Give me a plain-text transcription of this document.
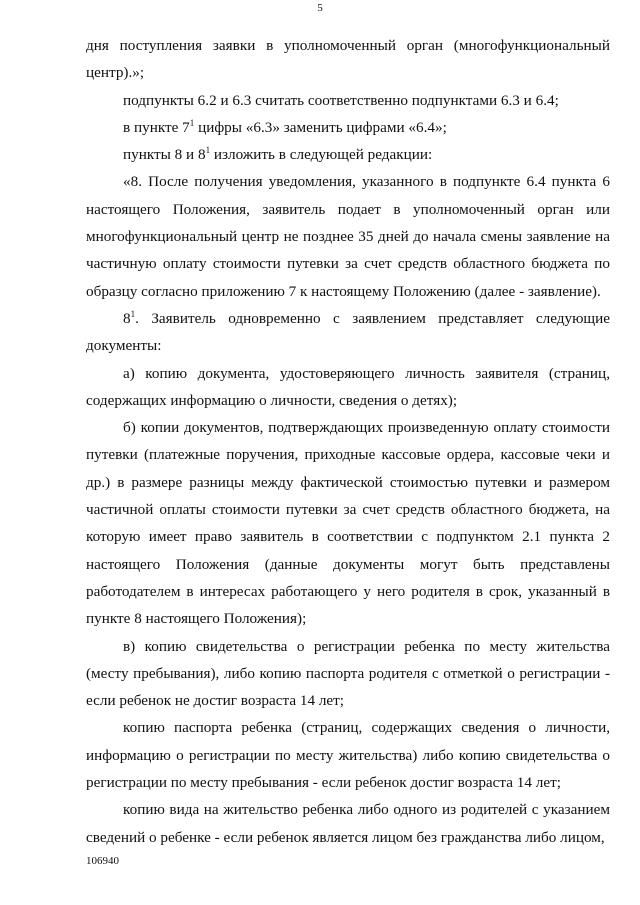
5

дня поступления заявки в уполномоченный орган (многофункциональный центр).»;

подпункты 6.2 и 6.3 считать соответственно подпунктами 6.3 и 6.4;

в пункте $7^1$ цифры «6.3» заменить цифрами «6.4»;

пункты 8 и $8^1$ изложить в следующей редакции:

«8. После получения уведомления, указанного в подпункте 6.4 пункта 6 настоящего Положения, заявитель подает в уполномоченный орган или многофункциональный центр не позднее 35 дней до начала смены заявление на частичную оплату стоимости путевки за счет средств областного бюджета по образцу согласно приложению 7 к настоящему Положению (далее - заявление).

$8^1$. Заявитель одновременно с заявлением представляет следующие документы:

а) копию документа, удостоверяющего личность заявителя (страниц, содержащих информацию о личности, сведения о детях);

б) копии документов, подтверждающих произведенную оплату стоимости путевки (платежные поручения, приходные кассовые ордера, кассовые чеки и др.) в размере разницы между фактической стоимостью путевки и размером частичной оплаты стоимости путевки за счет средств областного бюджета, на которую имеет право заявитель в соответствии с подпунктом 2.1 пункта 2 настоящего Положения (данные документы могут быть представлены работодателем в интересах работающего у него родителя в срок, указанный в пункте 8 настоящего Положения);

в) копию свидетельства о регистрации ребенка по месту жительства (месту пребывания), либо копию паспорта родителя с отметкой о регистрации - если ребенок не достиг возраста 14 лет;

копию паспорта ребенка (страниц, содержащих сведения о личности, информацию о регистрации по месту жительства) либо копию свидетельства о регистрации по месту пребывания - если ребенок достиг возраста 14 лет;

копию вида на жительство ребенка либо одного из родителей с указанием сведений о ребенке - если ребенок является лицом без гражданства либо лицом,

106940
